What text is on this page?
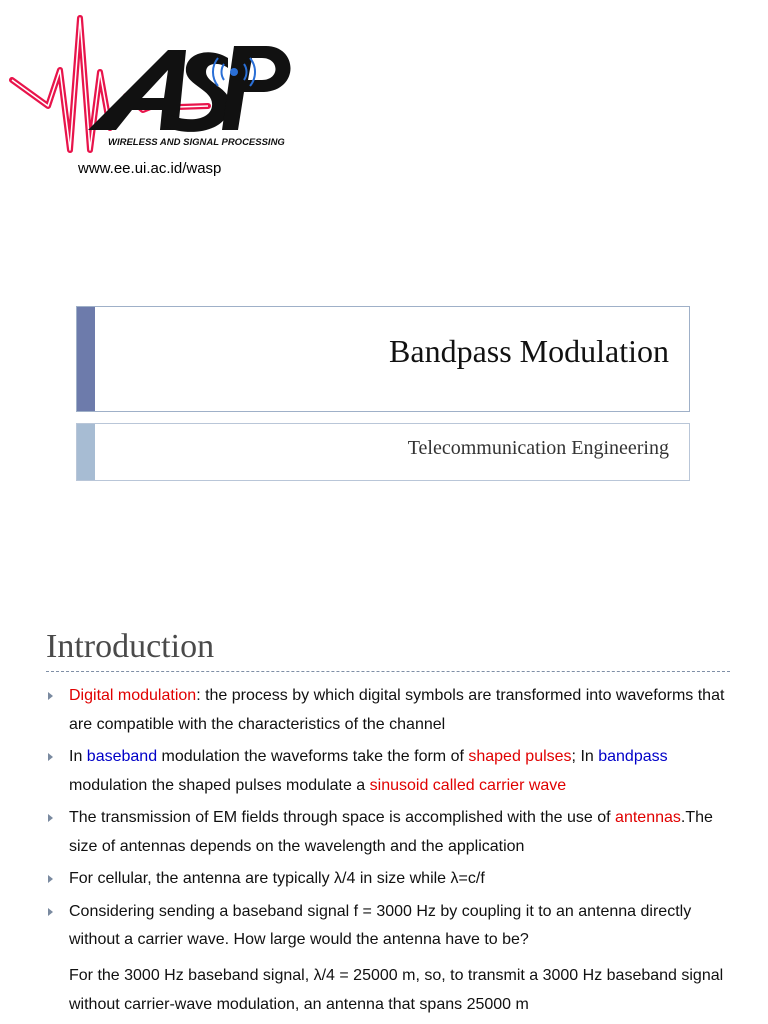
WIRELESS AND SIGNAL PROCESSING
www.ee.ui.ac.id/wasp
Bandpass Modulation
Telecommunication Engineering
Introduction
Digital modulation: the process by which digital symbols are transformed into waveforms that are compatible with the characteristics of the channel
In baseband modulation the waveforms take the form of shaped pulses; In bandpass modulation the shaped pulses modulate a sinusoid called carrier wave
The transmission of EM fields through space is accomplished with the use of antennas.The size of antennas depends on the wavelength and the application
For cellular, the antenna are typically λ/4 in size while λ=c/f
Considering sending a baseband signal f = 3000 Hz by coupling it to an antenna directly without a carrier wave. How large would the antenna have to be?
For the 3000 Hz baseband signal, λ/4 = 25000 m, so, to transmit a 3000 Hz baseband signal without carrier-wave modulation, an antenna that spans 25000 m
